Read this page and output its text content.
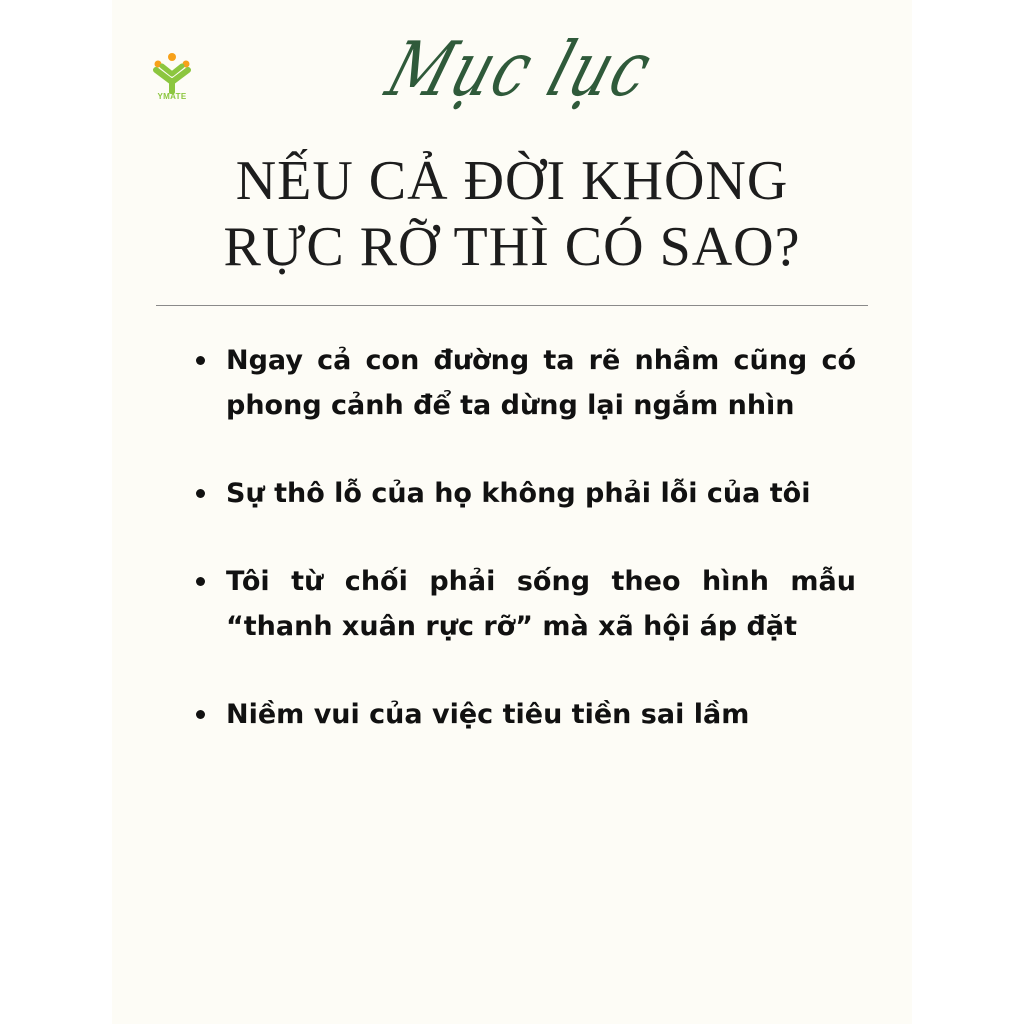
YMATE	Mục lục
NẾU CẢ ĐỜI KHÔNG
RỰC RỠ THÌ CÓ SAO?
Ngay cả con đường ta rẽ nhầm cũng có phong cảnh để ta dừng lại ngắm nhìn
Sự thô lỗ của họ không phải lỗi của tôi
Tôi từ chối phải sống theo hình mẫu “thanh xuân rực rỡ” mà xã hội áp đặt
Niềm vui của việc tiêu tiền sai lầm
